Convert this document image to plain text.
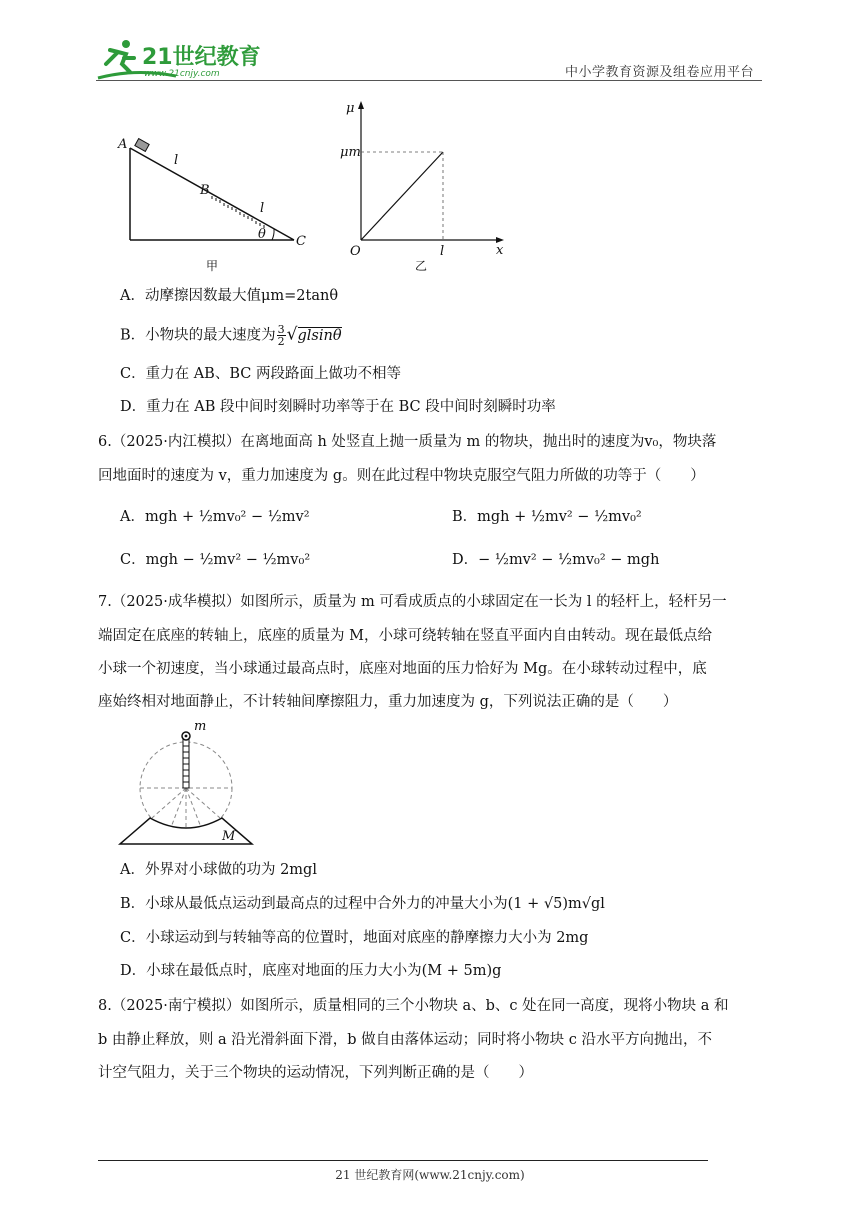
21世纪教育
www.21cnjy.com	中小学教育资源及组卷应用平台
A
B
C
l
l
θ
甲
μ
μm
O	l	x
乙
A．动摩擦因数最大值μm=2tanθ
B．小物块的最大速度为 $\frac{3}{2} √glsin\theta$
C．重力在 AB、BC 两段路面上做功不相等
D．重力在 AB 段中间时刻瞬时功率等于在 BC 段中间时刻瞬时功率
6.（2025·内江模拟）在离地面高 h 处竖直上抛一质量为 m 的物块，抛出时的速度为v₀，物块落
回地面时的速度为 v，重力加速度为 g。则在此过程中物块克服空气阻力所做的功等于（　　）
A．mgh + ½mv₀² − ½mv²	B．mgh + ½mv² − ½mv₀²
C．mgh − ½mv² − ½mv₀²	D．− ½mv² − ½mv₀² − mgh
7.（2025·成华模拟）如图所示，质量为 m 可看成质点的小球固定在一长为 l 的轻杆上，轻杆另一
端固定在底座的转轴上，底座的质量为 M，小球可绕转轴在竖直平面内自由转动。现在最低点给
小球一个初速度，当小球通过最高点时，底座对地面的压力恰好为 Mg。在小球转动过程中，底
座始终相对地面静止，不计转轴间摩擦阻力，重力加速度为 g，下列说法正确的是（　　）
m
M
A．外界对小球做的功为 2mgl
B．小球从最低点运动到最高点的过程中合外力的冲量大小为(1 + √5)m√gl
C．小球运动到与转轴等高的位置时，地面对底座的静摩擦力大小为 2mg
D．小球在最低点时，底座对地面的压力大小为(M + 5m)g
8.（2025·南宁模拟）如图所示，质量相同的三个小物块 a、b、c 处在同一高度，现将小物块 a 和
b 由静止释放，则 a 沿光滑斜面下滑，b 做自由落体运动；同时将小物块 c 沿水平方向抛出，不
计空气阻力，关于三个物块的运动情况，下列判断正确的是（　　）
21 世纪教育网(www.21cnjy.com)
